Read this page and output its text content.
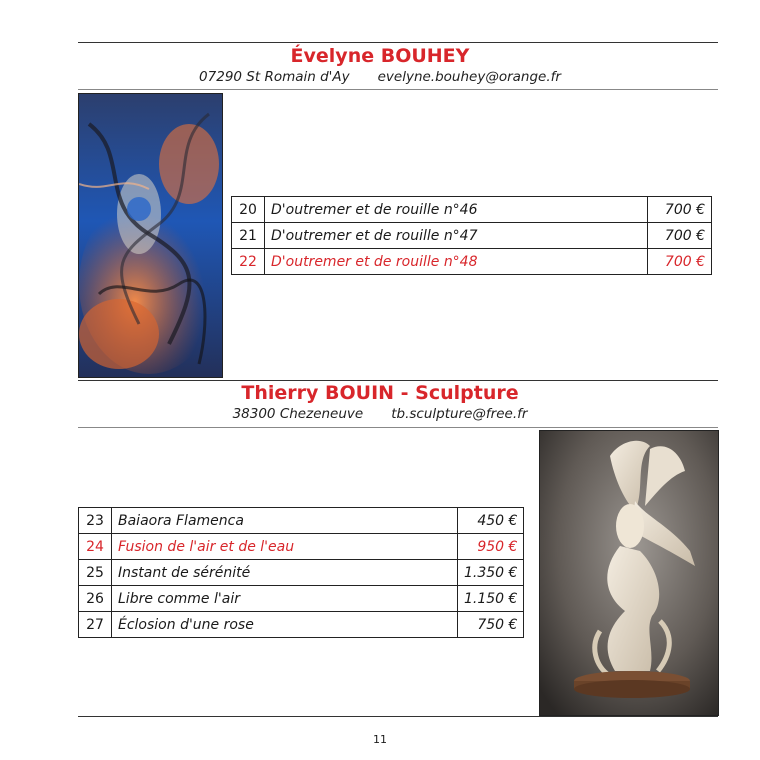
Évelyne BOUHEY
07290 St Romain d'Ay evelyne.bouhey@orange.fr
20	D'outremer et de rouille n°46	700 €
21	D'outremer et de rouille n°47	700 €
22	D'outremer et de rouille n°48	700 €
Thierry BOUIN - Sculpture
38300 Chezeneuve tb.sculpture@free.fr
23	Baiaora Flamenca	450 €
24	Fusion de l'air et de l'eau	950 €
25	Instant de sérénité	1.350 €
26	Libre comme l'air	1.150 €
27	Éclosion d'une rose	750 €
11
